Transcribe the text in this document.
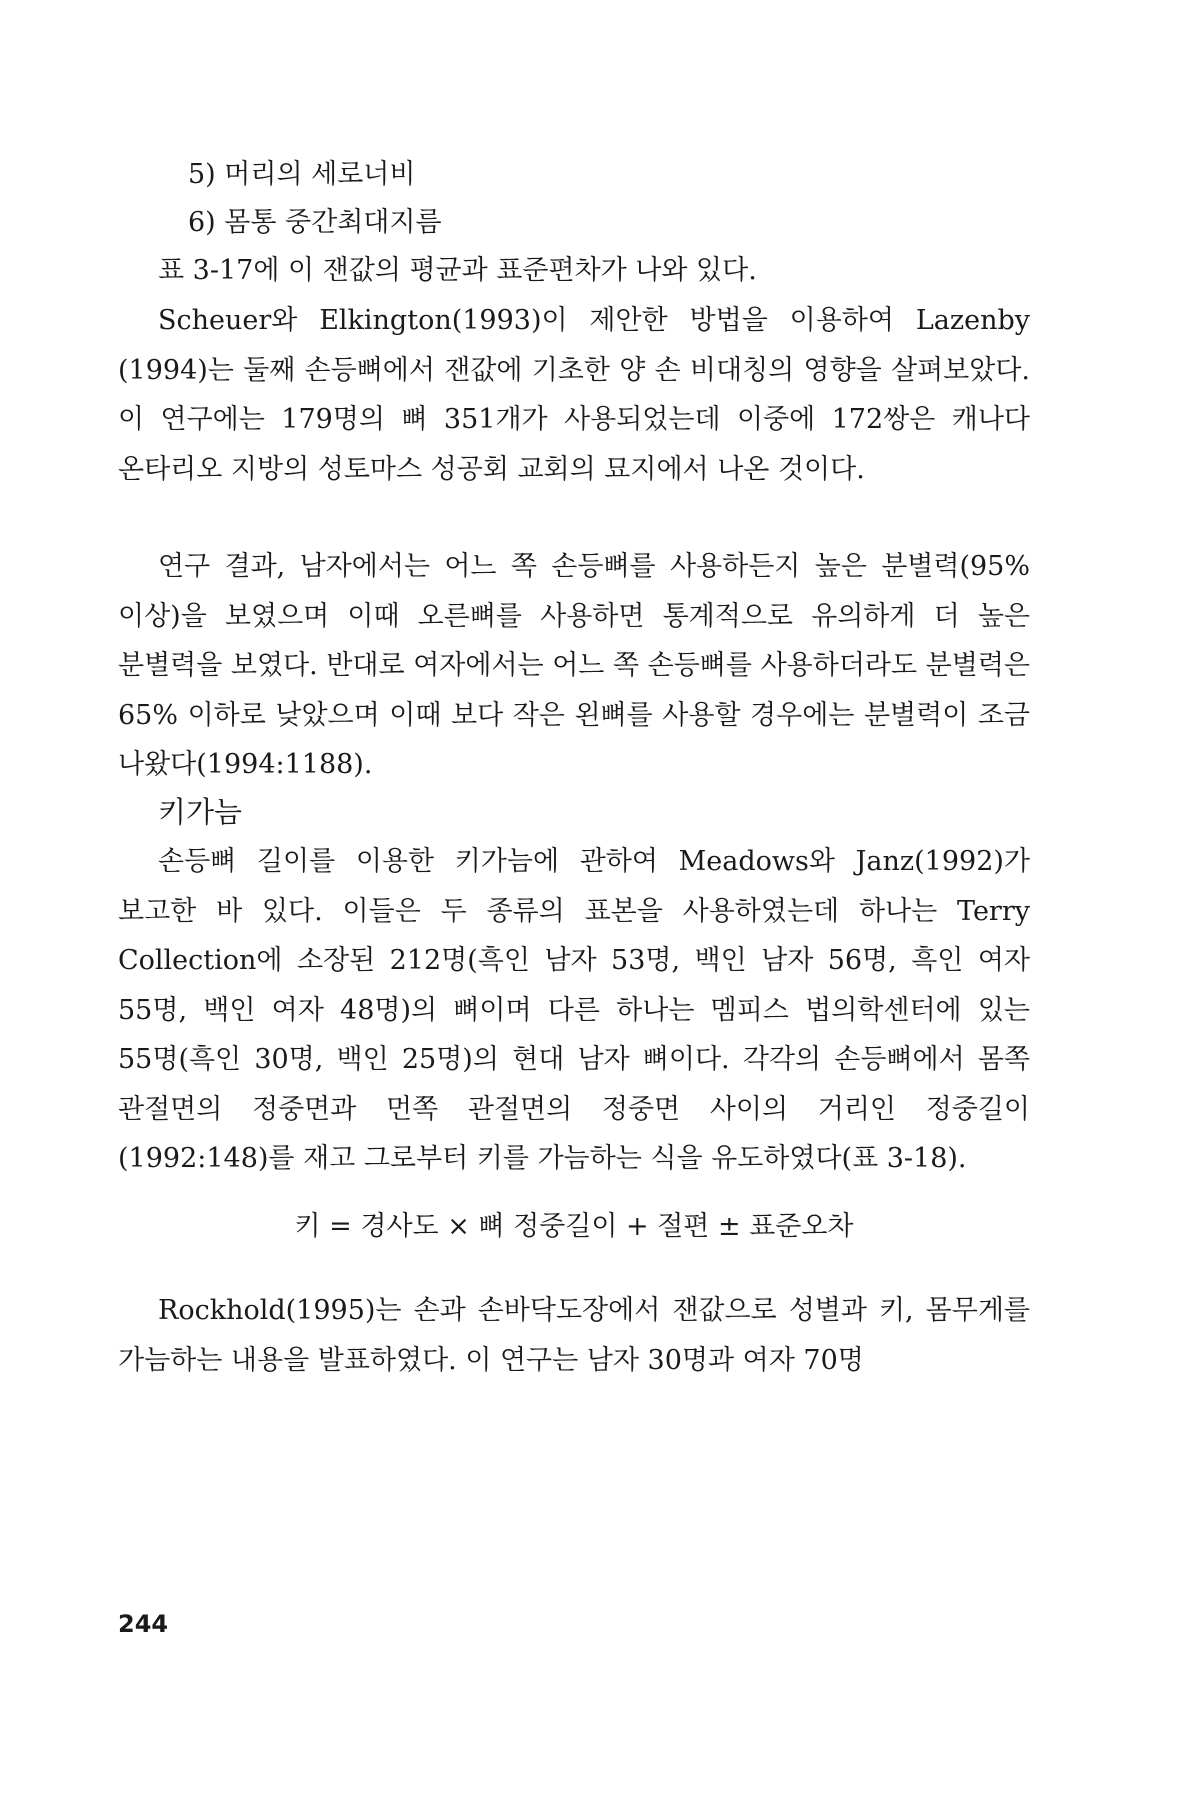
5) 머리의 세로너비
6) 몸통 중간최대지름
표 3-17에 이 잰값의 평균과 표준편차가 나와 있다.
Scheuer와 Elkington(1993)이 제안한 방법을 이용하여 Lazenby (1994)는 둘째 손등뼈에서 잰값에 기초한 양 손 비대칭의 영향을 살펴보았다. 이 연구에는 179명의 뼈 351개가 사용되었는데 이중에 172쌍은 캐나다 온타리오 지방의 성토마스 성공회 교회의 묘지에서 나온 것이다.
연구 결과, 남자에서는 어느 쪽 손등뼈를 사용하든지 높은 분별력(95% 이상)을 보였으며 이때 오른뼈를 사용하면 통계적으로 유의하게 더 높은 분별력을 보였다. 반대로 여자에서는 어느 쪽 손등뼈를 사용하더라도 분별력은 65% 이하로 낮았으며 이때 보다 작은 왼뼈를 사용할 경우에는 분별력이 조금 나왔다(1994:1188).
키가늠
손등뼈 길이를 이용한 키가늠에 관하여 Meadows와 Janz(1992)가 보고한 바 있다. 이들은 두 종류의 표본을 사용하였는데 하나는 Terry Collection에 소장된 212명(흑인 남자 53명, 백인 남자 56명, 흑인 여자 55명, 백인 여자 48명)의 뼈이며 다른 하나는 멤피스 법의학센터에 있는 55명(흑인 30명, 백인 25명)의 현대 남자 뼈이다. 각각의 손등뼈에서 몸쪽 관절면의 정중면과 먼쪽 관절면의 정중면 사이의 거리인 정중길이(1992:148)를 재고 그로부터 키를 가늠하는 식을 유도하였다(표 3-18).
키 = 경사도 × 뼈 정중길이 + 절편 ± 표준오차
Rockhold(1995)는 손과 손바닥도장에서 잰값으로 성별과 키, 몸무게를 가늠하는 내용을 발표하였다. 이 연구는 남자 30명과 여자 70명
244
